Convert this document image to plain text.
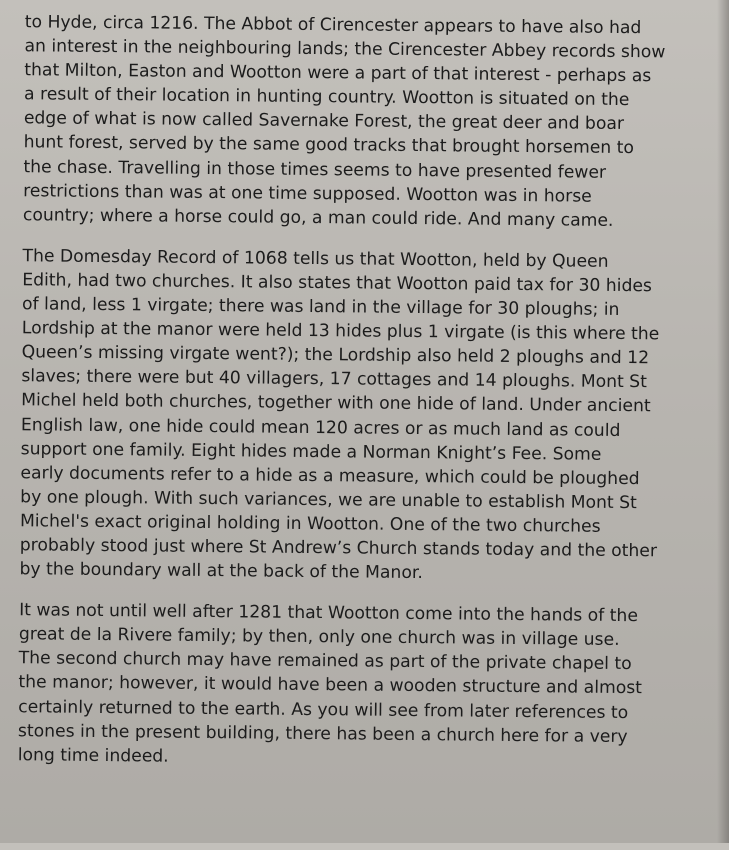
to Hyde, circa 1216. The Abbot of Cirencester appears to have also had
an interest in the neighbouring lands; the Cirencester Abbey records show
that Milton, Easton and Wootton were a part of that interest - perhaps as
a result of their location in hunting country. Wootton is situated on the
edge of what is now called Savernake Forest, the great deer and boar
hunt forest, served by the same good tracks that brought horsemen to
the chase. Travelling in those times seems to have presented fewer
restrictions than was at one time supposed. Wootton was in horse
country; where a horse could go, a man could ride. And many came.
The Domesday Record of 1068 tells us that Wootton, held by Queen
Edith, had two churches. It also states that Wootton paid tax for 30 hides
of land, less 1 virgate; there was land in the village for 30 ploughs; in
Lordship at the manor were held 13 hides plus 1 virgate (is this where the
Queen’s missing virgate went?); the Lordship also held 2 ploughs and 12
slaves; there were but 40 villagers, 17 cottages and 14 ploughs. Mont St
Michel held both churches, together with one hide of land. Under ancient
English law, one hide could mean 120 acres or as much land as could
support one family. Eight hides made a Norman Knight’s Fee. Some
early documents refer to a hide as a measure, which could be ploughed
by one plough. With such variances, we are unable to establish Mont St
Michel's exact original holding in Wootton. One of the two churches
probably stood just where St Andrew’s Church stands today and the other
by the boundary wall at the back of the Manor.
It was not until well after 1281 that Wootton come into the hands of the
great de la Rivere family; by then, only one church was in village use.
The second church may have remained as part of the private chapel to
the manor; however, it would have been a wooden structure and almost
certainly returned to the earth. As you will see from later references to
stones in the present building, there has been a church here for a very
long time indeed.
